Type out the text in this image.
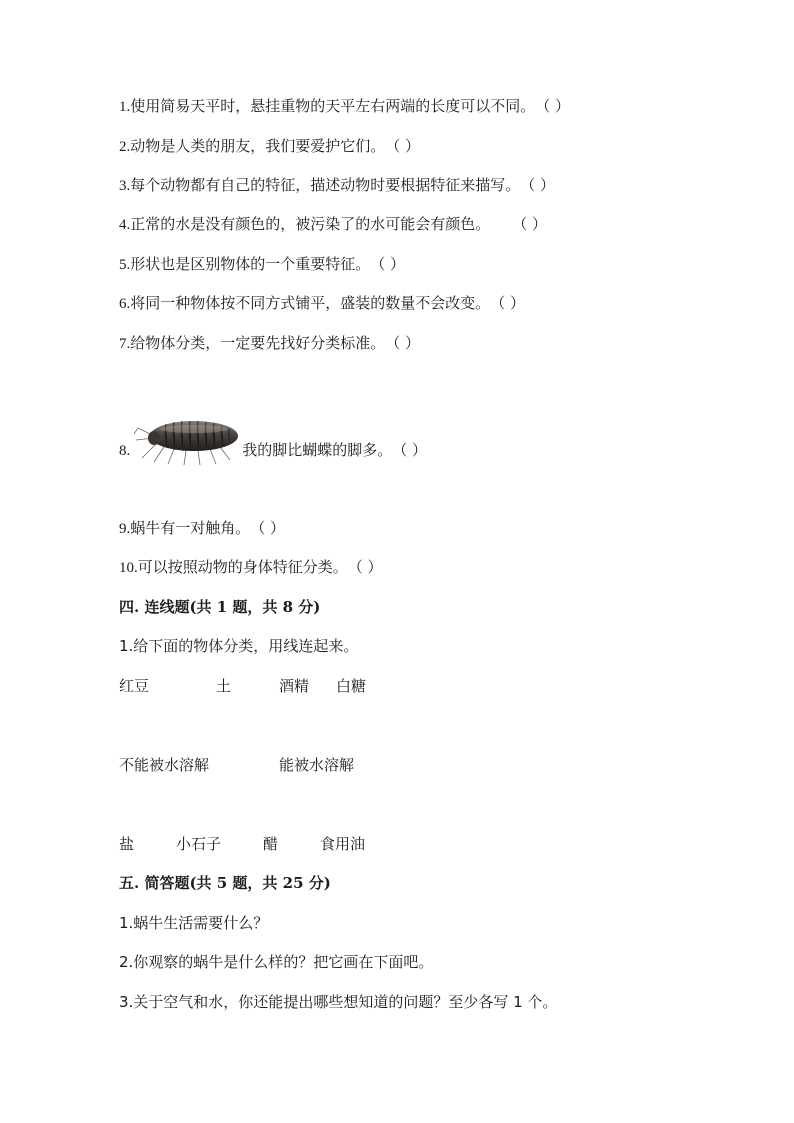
1.使用简易天平时，悬挂重物的天平左右两端的长度可以不同。（ ）
2.动物是人类的朋友，我们要爱护它们。（ ）
3.每个动物都有自己的特征，描述动物时要根据特征来描写。（ ）
4.正常的水是没有颜色的，被污染了的水可能会有颜色。 （ ）
5.形状也是区别物体的一个重要特征。（ ）
6.将同一种物体按不同方式铺平，盛装的数量不会改变。（ ）
7.给物体分类，一定要先找好分类标准。（ ）
8.	我的脚比蝴蝶的脚多。（ ）
9.蜗牛有一对触角。（ ）
10.可以按照动物的身体特征分类。（ ）
四. 连线题(共 1 题，共 8 分)
1.给下面的物体分类，用线连起来。
红豆	土	酒精 白糖
不能被水溶解	能被水溶解
盐	小石子	醋	食用油
五. 简答题(共 5 题，共 25 分)
1.蜗牛生活需要什么？
2.你观察的蜗牛是什么样的？把它画在下面吧。
3.关于空气和水，你还能提出哪些想知道的问题？至少各写 1 个。
